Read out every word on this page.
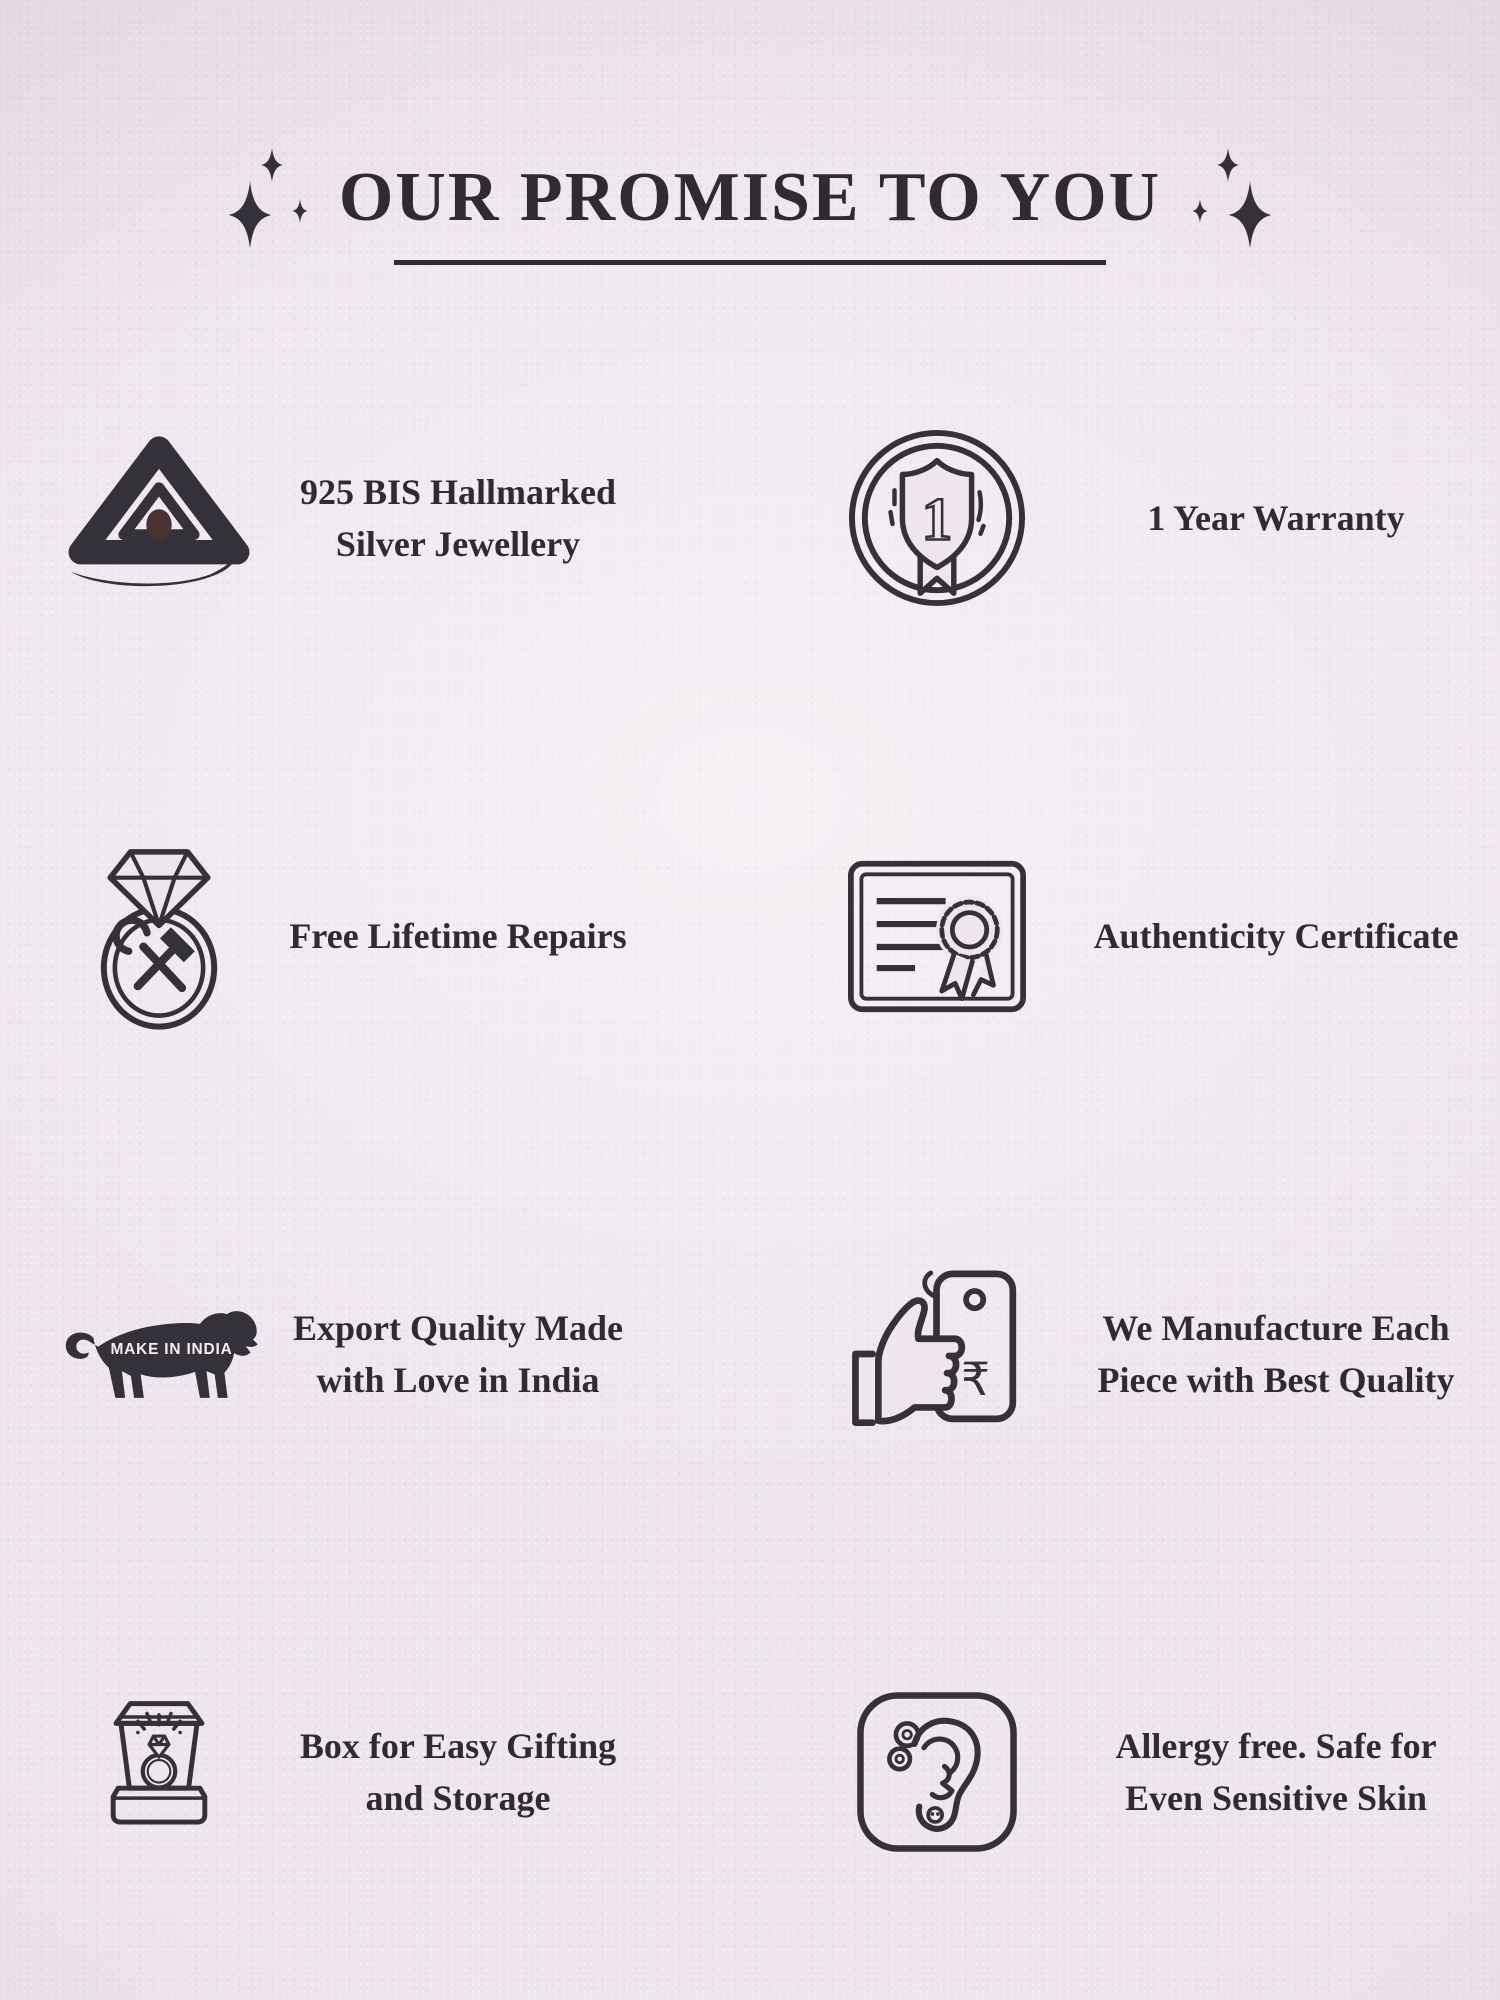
OUR PROMISE TO YOU
925 BIS Hallmarked
Silver Jewellery	1	1 Year Warranty
Free Lifetime Repairs	Authenticity Certificate
MAKE IN INDIA
Export Quality Made
with Love in India	₹
We Manufacture Each
Piece with Best Quality
Box for Easy Gifting
and Storage
Allergy free. Safe for
Even Sensitive Skin
